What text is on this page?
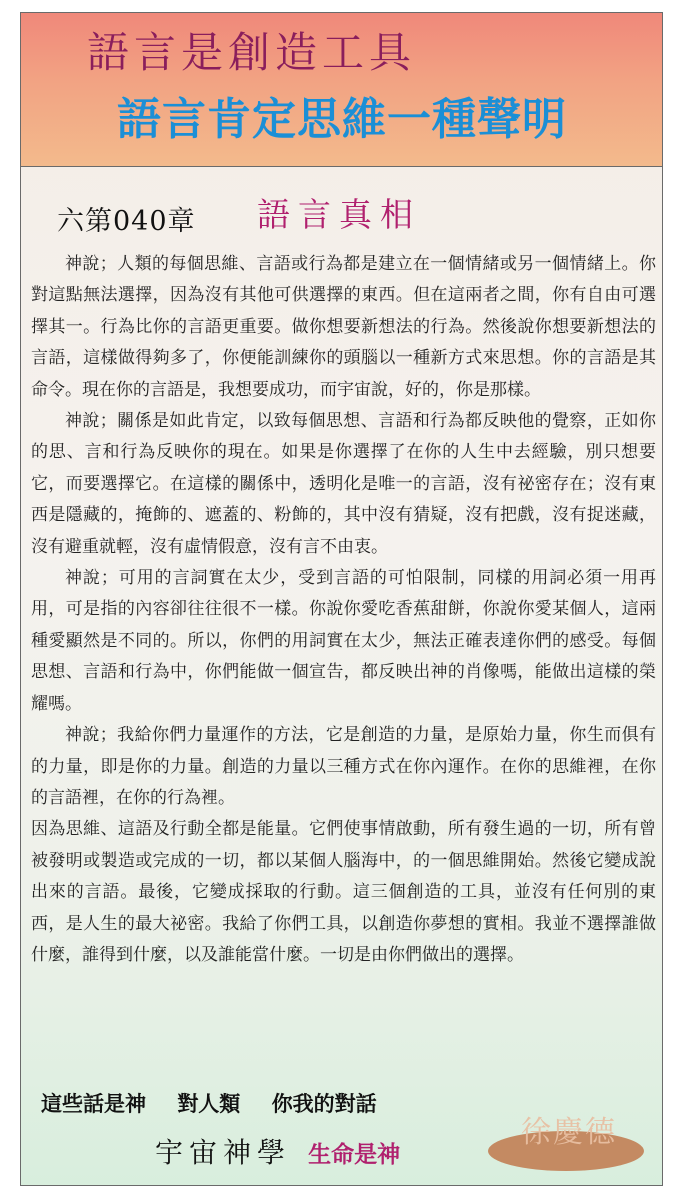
語言是創造工具
語言肯定思維一種聲明
六第040章 語言真相

神說；人類的每個思維、言語或行為都是建立在一個情緒或另一個情緒上。你對這點無法選擇，因為沒有其他可供選擇的東西。但在這兩者之間，你有自由可選擇其一。行為比你的言語更重要。做你想要新想法的行為。然後說你想要新想法的言語，這樣做得夠多了，你便能訓練你的頭腦以一種新方式來思想。你的言語是其命令。現在你的言語是，我想要成功，而宇宙說，好的，你是那樣。

神說；關係是如此肯定，以致每個思想、言語和行為都反映他的覺察，正如你的思、言和行為反映你的現在。如果是你選擇了在你的人生中去經驗，別只想要它，而要選擇它。在這樣的關係中，透明化是唯一的言語，沒有祕密存在；沒有東西是隱藏的，掩飾的、遮蓋的、粉飾的，其中沒有猜疑，沒有把戲，沒有捉迷藏，沒有避重就輕，沒有虛情假意，沒有言不由衷。

神說；可用的言詞實在太少，受到言語的可怕限制，同樣的用詞必須一用再用，可是指的內容卻往往很不一樣。你說你愛吃香蕉甜餅，你說你愛某個人，這兩種愛顯然是不同的。所以，你們的用詞實在太少，無法正確表達你們的感受。每個思想、言語和行為中，你們能做一個宣告，都反映出神的肖像嗎，能做出這樣的榮耀嗎。

神說；我給你們力量運作的方法，它是創造的力量，是原始力量，你生而俱有的力量，即是你的力量。創造的力量以三種方式在你內運作。在你的思維裡，在你的言語裡，在你的行為裡。

因為思維、這語及行動全都是能量。它們使事情啟動，所有發生過的一切，所有曾被發明或製造或完成的一切，都以某個人腦海中，的一個思維開始。然後它變成說出來的言語。最後，它變成採取的行動。這三個創造的工具，並沒有任何別的東西，是人生的最大祕密。我給了你們工具，以創造你夢想的實相。我並不選擇誰做什麼，誰得到什麼，以及誰能當什麼。一切是由你們做出的選擇。

這些話是神 對人類 你我的對話
宇宙神學 生命是神
徐慶德
